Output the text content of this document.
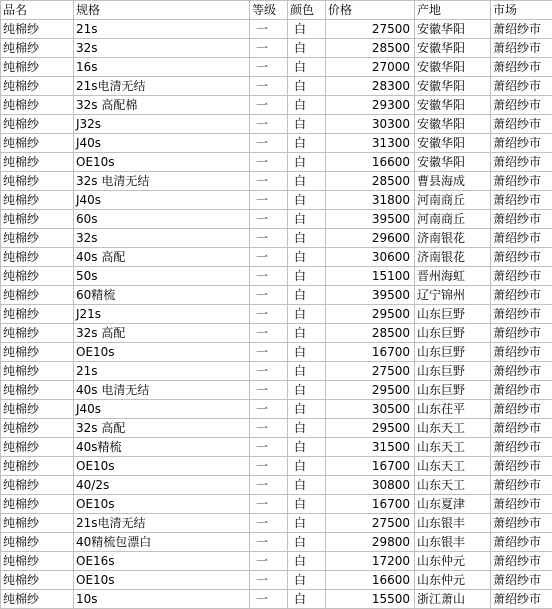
品名	规格	等级	颜色	价格	产地	市场
纯棉纱	21s	一	白	27500	安徽华阳	萧绍纱市
纯棉纱	32s	一	白	28500	安徽华阳	萧绍纱市
纯棉纱	16s	一	白	27000	安徽华阳	萧绍纱市
纯棉纱	21s电清无结	一	白	28300	安徽华阳	萧绍纱市
纯棉纱	32s 高配棉	一	白	29300	安徽华阳	萧绍纱市
纯棉纱	J32s	一	白	30300	安徽华阳	萧绍纱市
纯棉纱	J40s	一	白	31300	安徽华阳	萧绍纱市
纯棉纱	OE10s	一	白	16600	安徽华阳	萧绍纱市
纯棉纱	32s 电清无结	一	白	28500	曹县海成	萧绍纱市
纯棉纱	J40s	一	白	31800	河南商丘	萧绍纱市
纯棉纱	60s	一	白	39500	河南商丘	萧绍纱市
纯棉纱	32s	一	白	29600	济南银花	萧绍纱市
纯棉纱	40s 高配	一	白	30600	济南银花	萧绍纱市
纯棉纱	50s	一	白	15100	晋州海虹	萧绍纱市
纯棉纱	60精梳	一	白	39500	辽宁锦州	萧绍纱市
纯棉纱	J21s	一	白	29500	山东巨野	萧绍纱市
纯棉纱	32s 高配	一	白	28500	山东巨野	萧绍纱市
纯棉纱	OE10s	一	白	16700	山东巨野	萧绍纱市
纯棉纱	21s	一	白	27500	山东巨野	萧绍纱市
纯棉纱	40s 电清无结	一	白	29500	山东巨野	萧绍纱市
纯棉纱	J40s	一	白	30500	山东茌平	萧绍纱市
纯棉纱	32s 高配	一	白	29500	山东天工	萧绍纱市
纯棉纱	40s精梳	一	白	31500	山东天工	萧绍纱市
纯棉纱	OE10s	一	白	16700	山东天工	萧绍纱市
纯棉纱	40/2s	一	白	30800	山东天工	萧绍纱市
纯棉纱	OE10s	一	白	16700	山东夏津	萧绍纱市
纯棉纱	21s电清无结	一	白	27500	山东银丰	萧绍纱市
纯棉纱	40精梳包漂白	一	白	29800	山东银丰	萧绍纱市
纯棉纱	OE16s	一	白	17200	山东仲元	萧绍纱市
纯棉纱	OE10s	一	白	16600	山东仲元	萧绍纱市
纯棉纱	10s	一	白	15500	浙江萧山	萧绍纱市
